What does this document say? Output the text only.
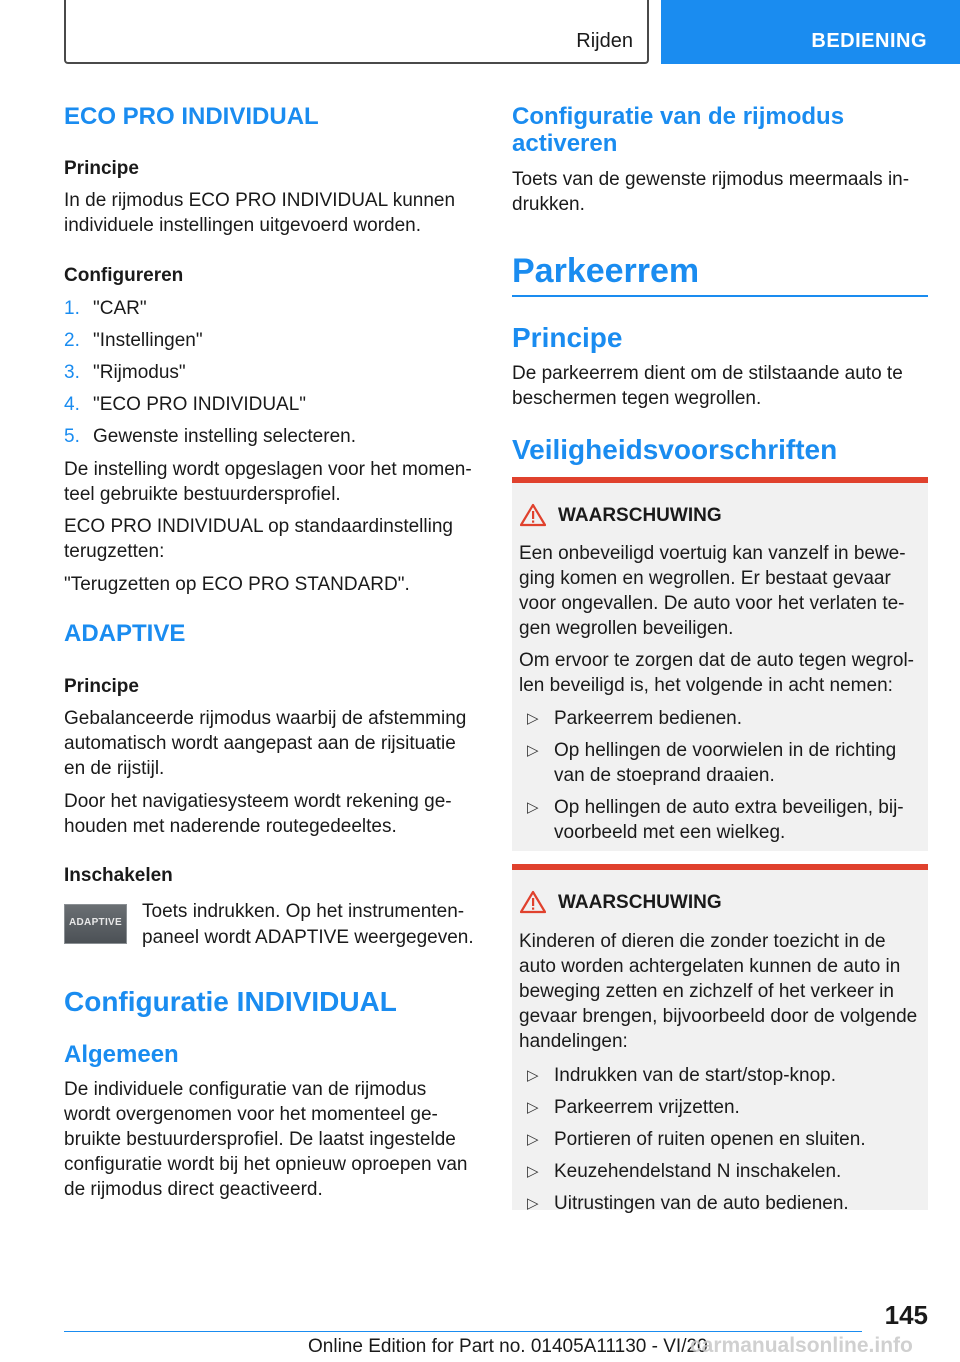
Rijden	BEDIENING
ECO PRO INDIVIDUAL
Principe
In de rijmodus ECO PRO INDIVIDUAL kunnen
individuele instellingen uitgevoerd worden.
Configureren
1. "CAR"
2. "Instellingen"
3. "Rijmodus"
4. "ECO PRO INDIVIDUAL"
5. Gewenste instelling selecteren.
De instelling wordt opgeslagen voor het momen‐
teel gebruikte bestuurdersprofiel.
ECO PRO INDIVIDUAL op standaardinstelling
terugzetten:
"Terugzetten op ECO PRO STANDARD".
ADAPTIVE
Principe
Gebalanceerde rijmodus waarbij de afstemming
automatisch wordt aangepast aan de rijsituatie
en de rijstijl.
Door het navigatiesysteem wordt rekening ge‐
houden met naderende routegedeeltes.
Inschakelen
ADAPTIVE
Toets indrukken. Op het instrumenten‐
paneel wordt ADAPTIVE weergegeven.
Configuratie INDIVIDUAL
Algemeen
De individuele configuratie van de rijmodus
wordt overgenomen voor het momenteel ge‐
bruikte bestuurdersprofiel. De laatst ingestelde
configuratie wordt bij het opnieuw oproepen van
de rijmodus direct geactiveerd.
Configuratie van de rijmodus
activeren
Toets van de gewenste rijmodus meermaals in‐
drukken.
Parkeerrem
Principe
De parkeerrem dient om de stilstaande auto te
beschermen tegen wegrollen.
Veiligheidsvoorschriften
WAARSCHUWING
Een onbeveiligd voertuig kan vanzelf in bewe‐
ging komen en wegrollen. Er bestaat gevaar
voor ongevallen. De auto voor het verlaten te‐
gen wegrollen beveiligen.
Om ervoor te zorgen dat de auto tegen wegrol‐
len beveiligd is, het volgende in acht nemen:
▷ Parkeerrem bedienen.
▷ Op hellingen de voorwielen in de richting
van de stoeprand draaien.
▷ Op hellingen de auto extra beveiligen, bij‐
voorbeeld met een wielkeg.
WAARSCHUWING
Kinderen of dieren die zonder toezicht in de
auto worden achtergelaten kunnen de auto in
beweging zetten en zichzelf of het verkeer in
gevaar brengen, bijvoorbeeld door de volgende
handelingen:
▷ Indrukken van de start/stop-knop.
▷ Parkeerrem vrijzetten.
▷ Portieren of ruiten openen en sluiten.
▷ Keuzehendelstand N inschakelen.
▷ Uitrustingen van de auto bedienen.
145
Online Edition for Part no. 01405A11130 - VI/20
carmanualsonline.info
